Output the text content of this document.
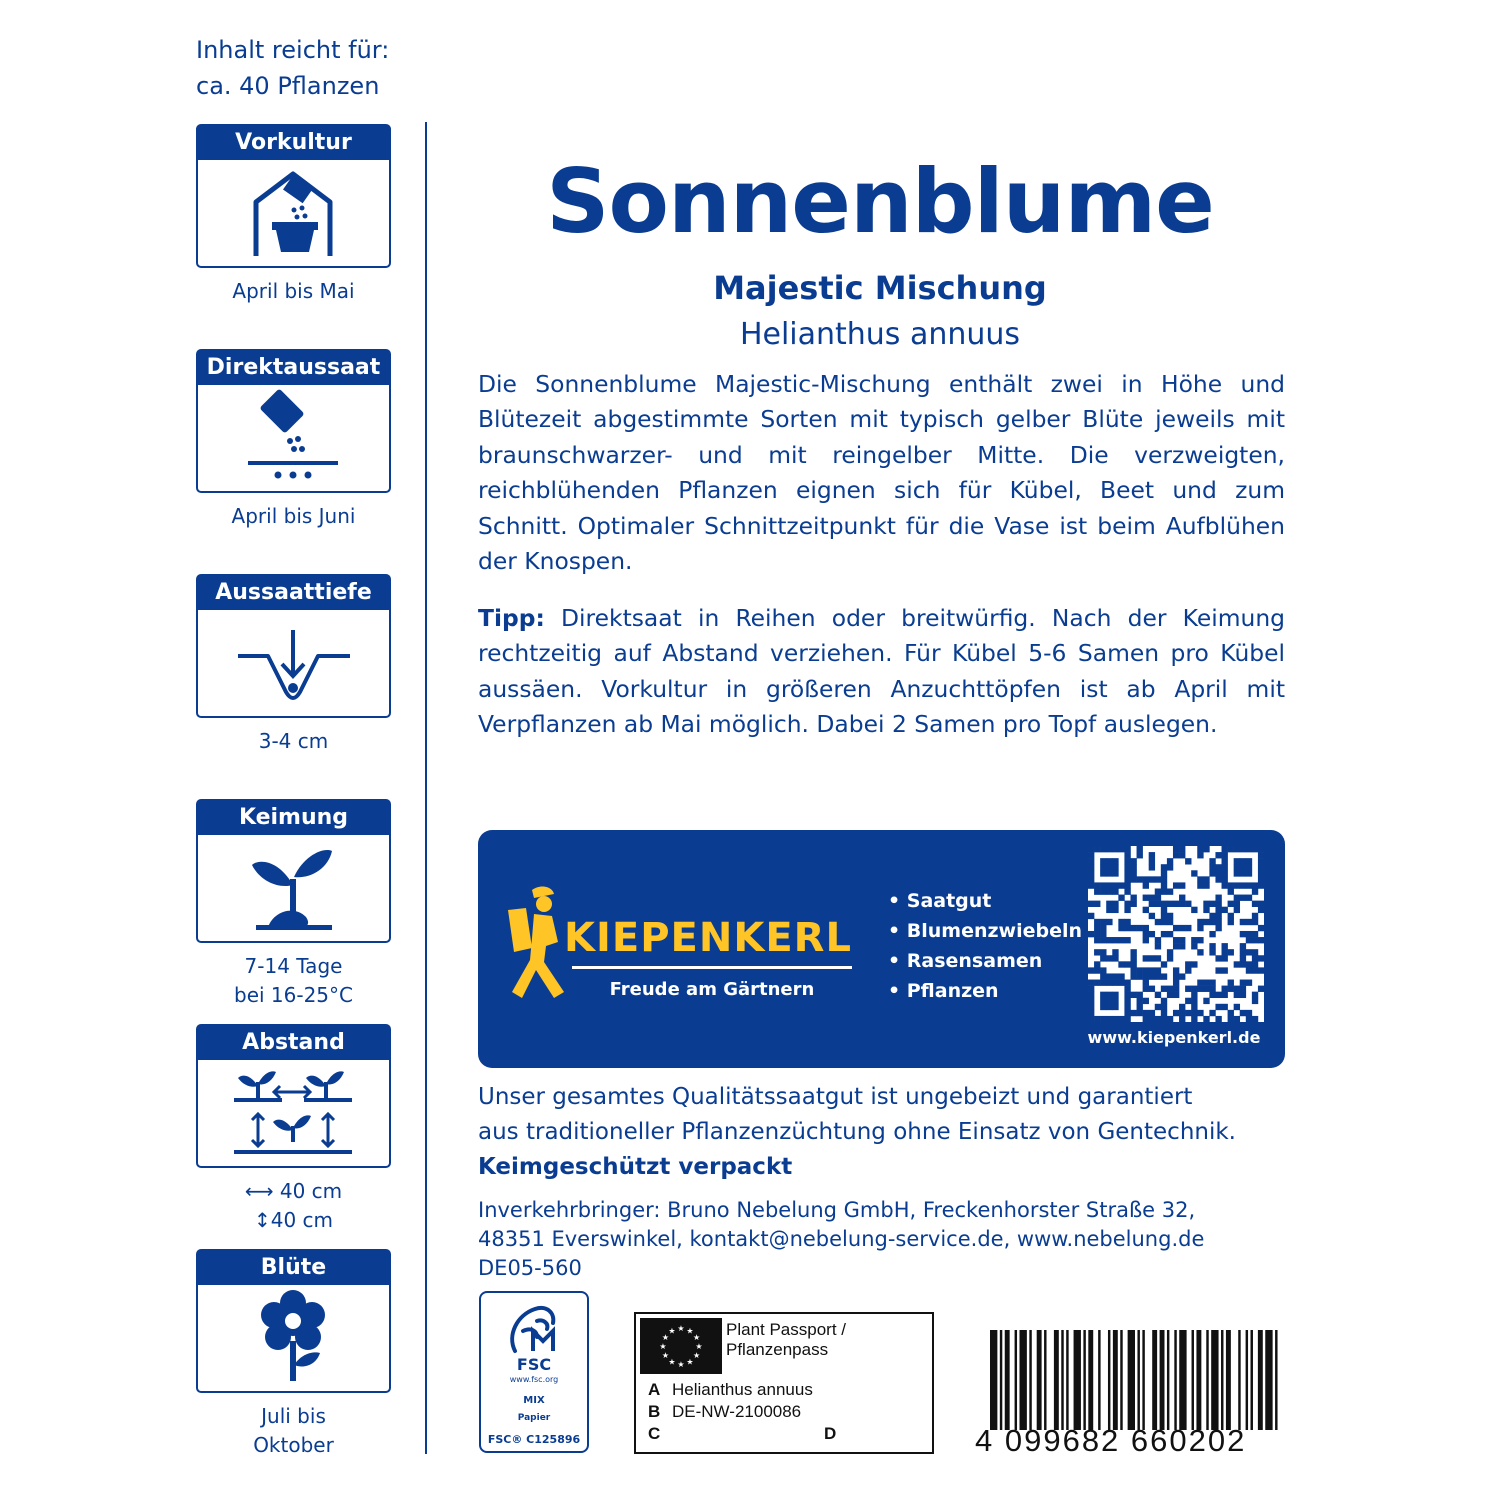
Inhalt reicht für:
ca. 40 Pflanzen
Vorkultur
April bis Mai
Direktaussaat
April bis Juni
Aussaattiefe
3-4 cm
Keimung
7-14 Tage
bei 16-25°C
Abstand
⟷ 40 cm
↕40 cm
Blüte
Juli bis
Oktober
Sonnenblume
Majestic Mischung
Helianthus annuus

Die Sonnenblume Majestic-Mischung enthält zwei in Höhe und Blütezeit abgestimmte Sorten mit typisch gelber Blüte jeweils mit braunschwarzer- und mit reingelber Mitte. Die verzweigten, reichblühenden Pflanzen eignen sich für Kübel, Beet und zum Schnitt. Optimaler Schnittzeitpunkt für die Vase ist beim Aufblühen der Knospen.

Tipp: Direktsaat in Reihen oder breitwürfig. Nach der Keimung rechtzeitig auf Abstand verziehen. Für Kübel 5-6 Samen pro Kübel aussäen. Vorkultur in größeren Anzuchttöpfen ist ab April mit Verpflanzen ab Mai möglich. Dabei 2 Samen pro Topf auslegen.

KIEPENKERL
Freude am Gärtnern
• Saatgut
• Blumenzwiebeln
• Rasensamen
• Pflanzen
www.kiepenkerl.de
Unser gesamtes Qualitätssaatgut ist ungebeizt und garantiert
aus traditioneller Pflanzenzüchtung ohne Einsatz von Gentechnik.
Keimgeschützt verpackt
Inverkehrbringer: Bruno Nebelung GmbH, Freckenhorster Straße 32,
48351 Everswinkel, kontakt@nebelung-service.de, www.nebelung.de
DE05-560
FSC
www.fsc.org
MIX
Papier
FSC® C125896
★ ★
★
★
★
★
★
★
★
★
★
★	Plant Passport /
Pflanzenpass
A Helianthus annuus
B DE-NW-2100086
C	D	4 099682 660202
